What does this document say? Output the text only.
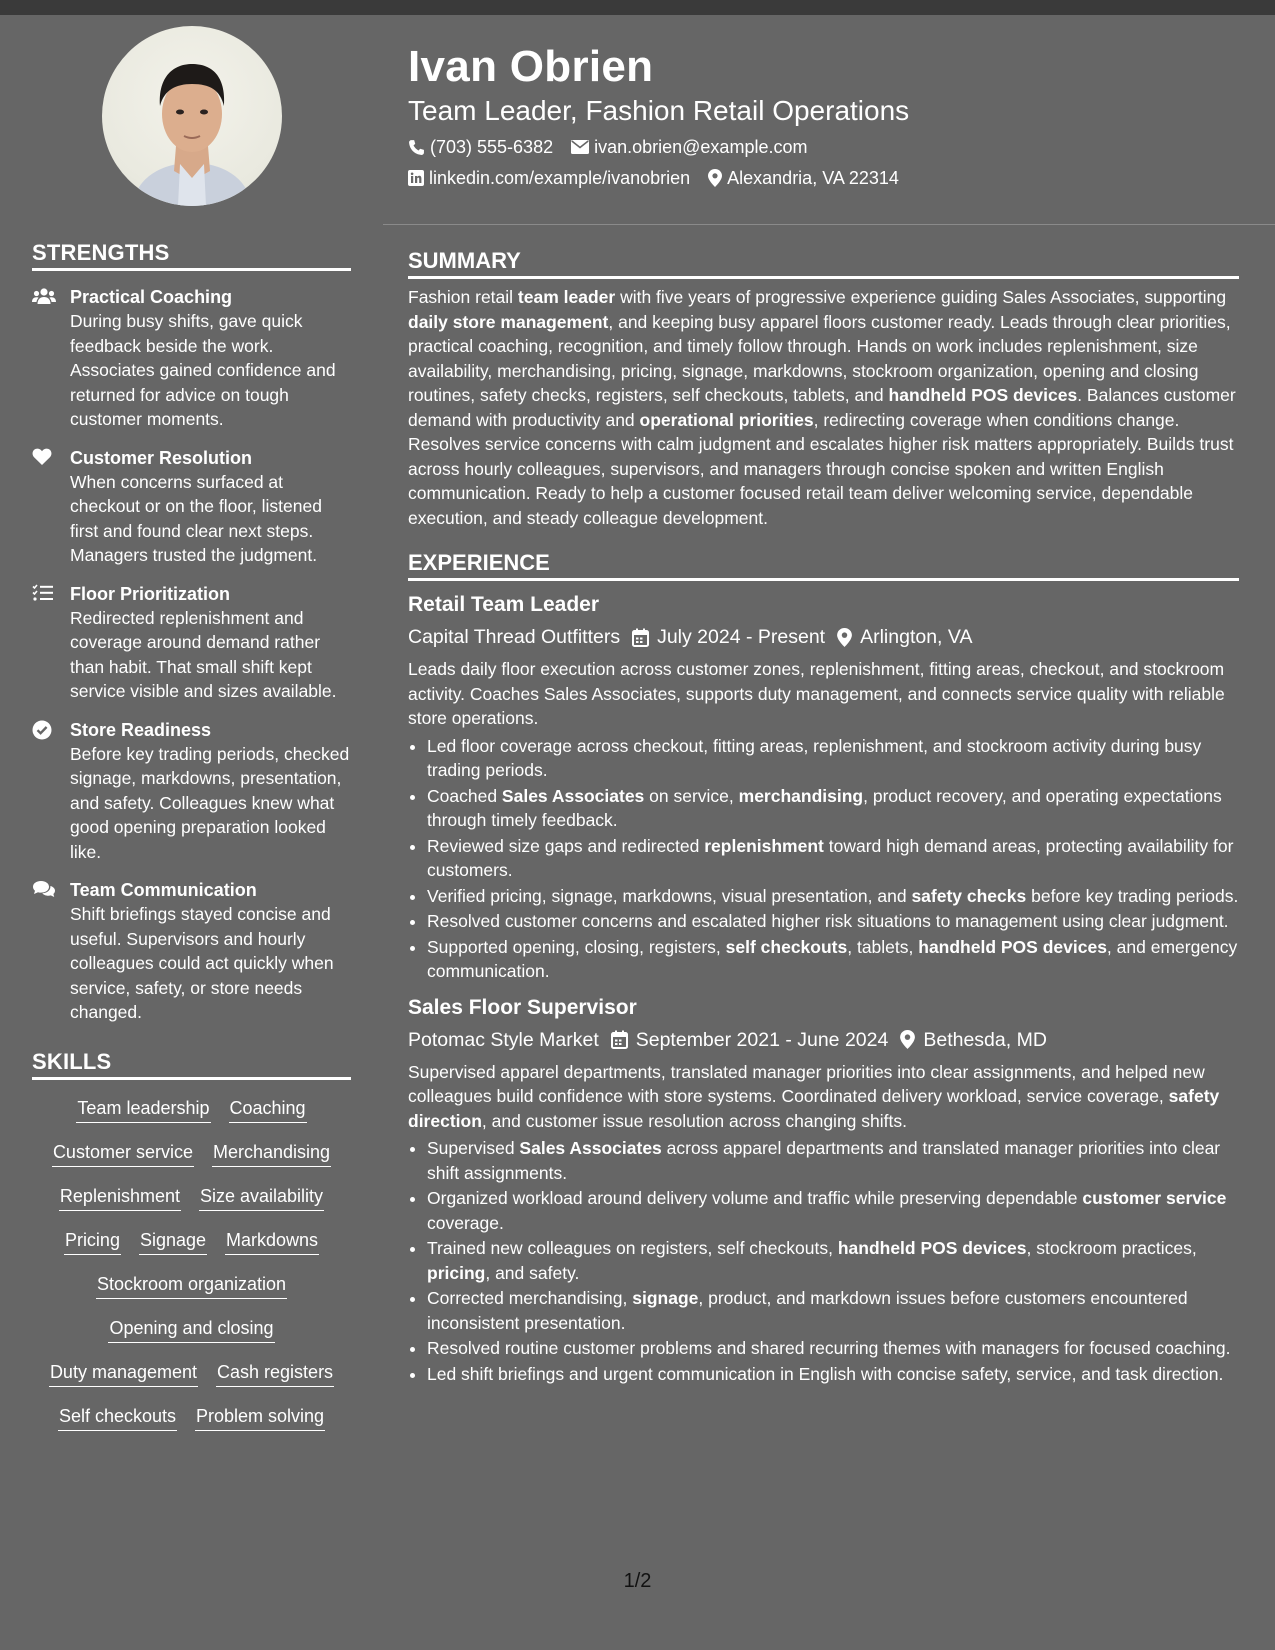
STRENGTHS
Practical Coaching
During busy shifts, gave quick feedback beside the work. Associates gained confidence and returned for advice on tough customer moments.
Customer Resolution
When concerns surfaced at checkout or on the floor, listened first and found clear next steps. Managers trusted the judgment.
Floor Prioritization
Redirected replenishment and coverage around demand rather than habit. That small shift kept service visible and sizes available.
Store Readiness
Before key trading periods, checked signage, markdowns, presentation, and safety. Colleagues knew what good opening preparation looked like.
Team Communication
Shift briefings stayed concise and useful. Supervisors and hourly colleagues could act quickly when service, safety, or store needs changed.
SKILLS
Team leadership Coaching
Customer service Merchandising
Replenishment Size availability
Pricing Signage Markdowns
Stockroom organization
Opening and closing
Duty management Cash registers
Self checkouts Problem solving
Ivan Obrien
Team Leader, Fashion Retail Operations
(703) 555-6382 ivan.obrien@example.com
linkedin.com/example/ivanobrien Alexandria, VA 22314
SUMMARY
Fashion retail team leader with five years of progressive experience guiding Sales Associates, supporting daily store management, and keeping busy apparel floors customer ready. Leads through clear priorities, practical coaching, recognition, and timely follow through. Hands on work includes replenishment, size availability, merchandising, pricing, signage, markdowns, stockroom organization, opening and closing routines, safety checks, registers, self checkouts, tablets, and handheld POS devices. Balances customer demand with productivity and operational priorities, redirecting coverage when conditions change. Resolves service concerns with calm judgment and escalates higher risk matters appropriately. Builds trust across hourly colleagues, supervisors, and managers through concise spoken and written English communication. Ready to help a customer focused retail team deliver welcoming service, dependable execution, and steady colleague development.
EXPERIENCE
Retail Team Leader
Capital Thread Outfitters July 2024 - Present Arlington, VA
Leads daily floor execution across customer zones, replenishment, fitting areas, checkout, and stockroom activity. Coaches Sales Associates, supports duty management, and connects service quality with reliable store operations.
• Led floor coverage across checkout, fitting areas, replenishment, and stockroom activity during busy trading periods.
• Coached Sales Associates on service, merchandising, product recovery, and operating expectations through timely feedback.
• Reviewed size gaps and redirected replenishment toward high demand areas, protecting availability for customers.
• Verified pricing, signage, markdowns, visual presentation, and safety checks before key trading periods.
• Resolved customer concerns and escalated higher risk situations to management using clear judgment.
• Supported opening, closing, registers, self checkouts, tablets, handheld POS devices, and emergency communication.
Sales Floor Supervisor
Potomac Style Market September 2021 - June 2024 Bethesda, MD
Supervised apparel departments, translated manager priorities into clear assignments, and helped new colleagues build confidence with store systems. Coordinated delivery workload, service coverage, safety direction, and customer issue resolution across changing shifts.
• Supervised Sales Associates across apparel departments and translated manager priorities into clear shift assignments.
• Organized workload around delivery volume and traffic while preserving dependable customer service coverage.
• Trained new colleagues on registers, self checkouts, handheld POS devices, stockroom practices, pricing, and safety.
• Corrected merchandising, signage, product, and markdown issues before customers encountered inconsistent presentation.
• Resolved routine customer problems and shared recurring themes with managers for focused coaching.
• Led shift briefings and urgent communication in English with concise safety, service, and task direction.
1/2
